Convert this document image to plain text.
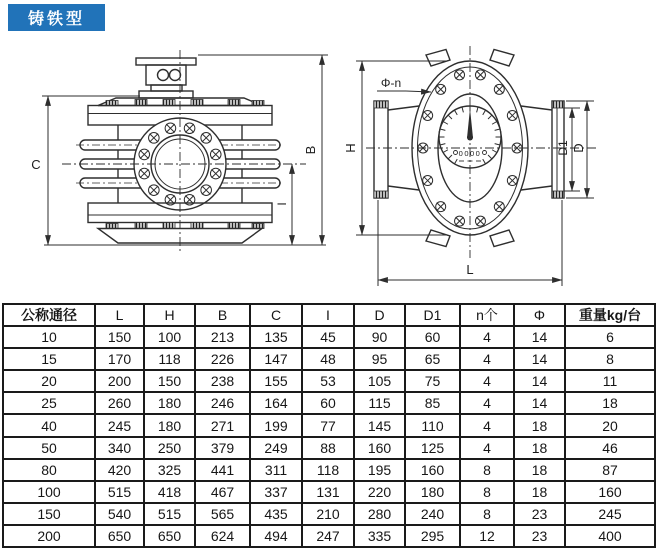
铸铁型
C
B
I
0000
H	D1 D
L
Φ-n
公称通径	L	H	B	C	I	D	D1	n个	Φ	重量kg/台
10	150	100	213	135	45	90	60	4	14	6
15	170	118	226	147	48	95	65	4	14	8
20	200	150	238	155	53	105	75	4	14	11
25	260	180	246	164	60	115	85	4	14	18
40	245	180	271	199	77	145	110	4	18	20
50	340	250	379	249	88	160	125	4	18	46
80	420	325	441	311	118	195	160	8	18	87
100	515	418	467	337	131	220	180	8	18	160
150	540	515	565	435	210	280	240	8	23	245
200	650	650	624	494	247	335	295	12	23	400
